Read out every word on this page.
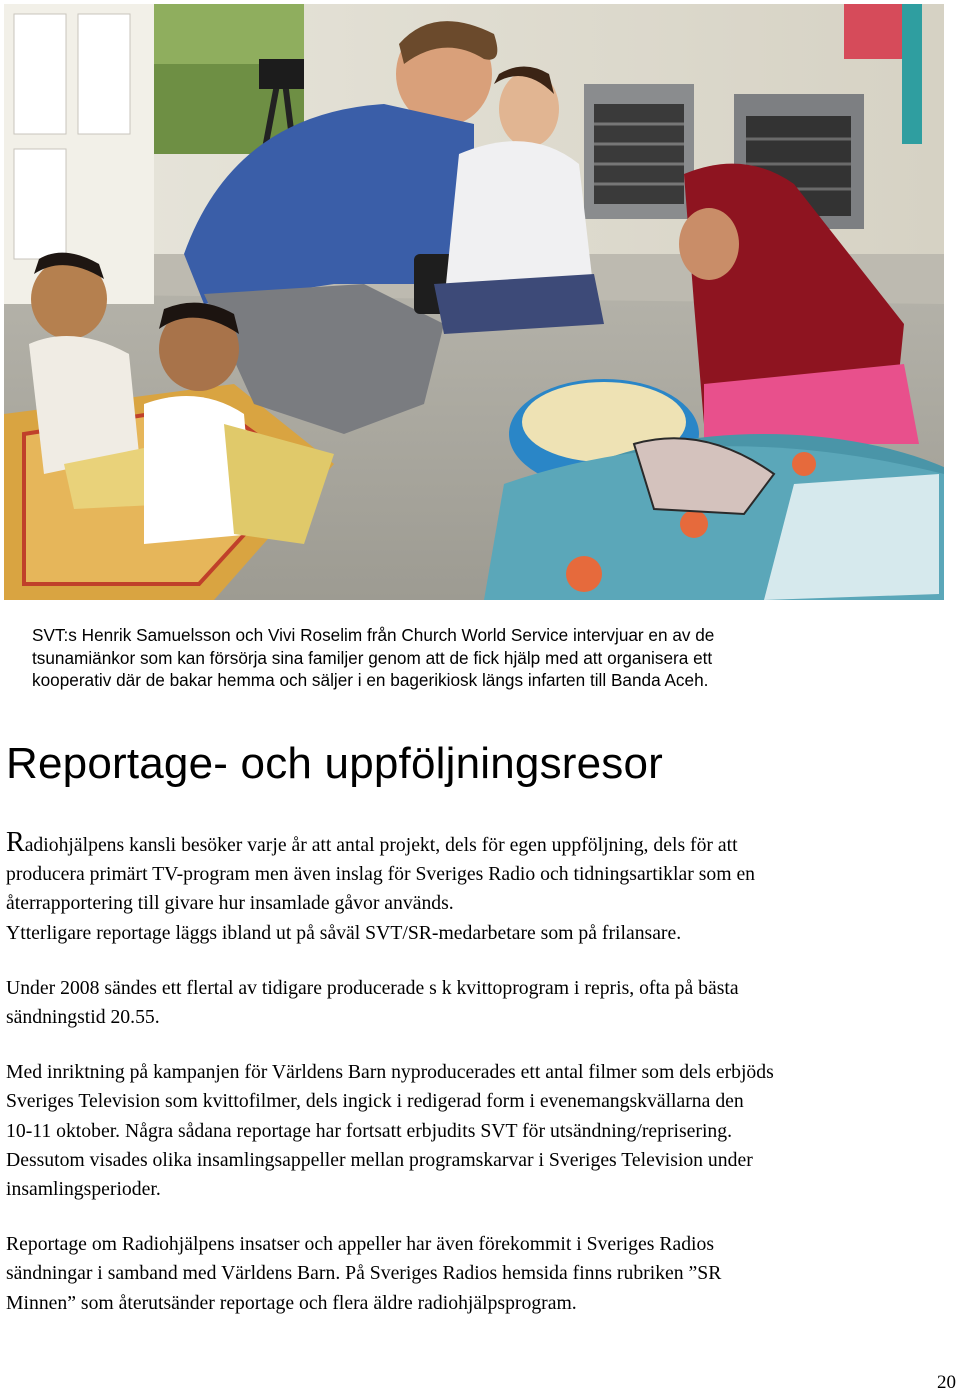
SVT:s Henrik Samuelsson och Vivi Roselim från Church World Service intervjuar en av de

tsunamiänkor som kan försörja sina familjer genom att de fick hjälp med att organisera ett

kooperativ där de bakar hemma och säljer i en bagerikiosk längs infarten till Banda Aceh.

Reportage- och uppföljningsresor

Radiohjälpens kansli besöker varje år att antal projekt, dels för egen uppföljning, dels för att
producera primärt TV-program men även inslag för Sveriges Radio och tidningsartiklar som en
återrapportering till givare hur insamlade gåvor används.

Ytterligare reportage läggs ibland ut på såväl SVT/SR-medarbetare som på frilansare.

Under 2008 sändes ett flertal av tidigare producerade s k kvittoprogram i repris, ofta på bästa
sändningstid 20.55.

Med inriktning på kampanjen för Världens Barn nyproducerades ett antal filmer som dels erbjöds
Sveriges Television som kvittofilmer, dels ingick i redigerad form i evenemangskvällarna den
10-11 oktober. Några sådana reportage har fortsatt erbjudits SVT för utsändning/reprisering.
Dessutom visades olika insamlingsappeller mellan programskarvar i Sveriges Television under
insamlingsperioder.

Reportage om Radiohjälpens insatser och appeller har även förekommit i Sveriges Radios
sändningar i samband med Världens Barn. På Sveriges Radios hemsida finns rubriken ”SR
Minnen” som återutsänder reportage och flera äldre radiohjälpsprogram.

20
